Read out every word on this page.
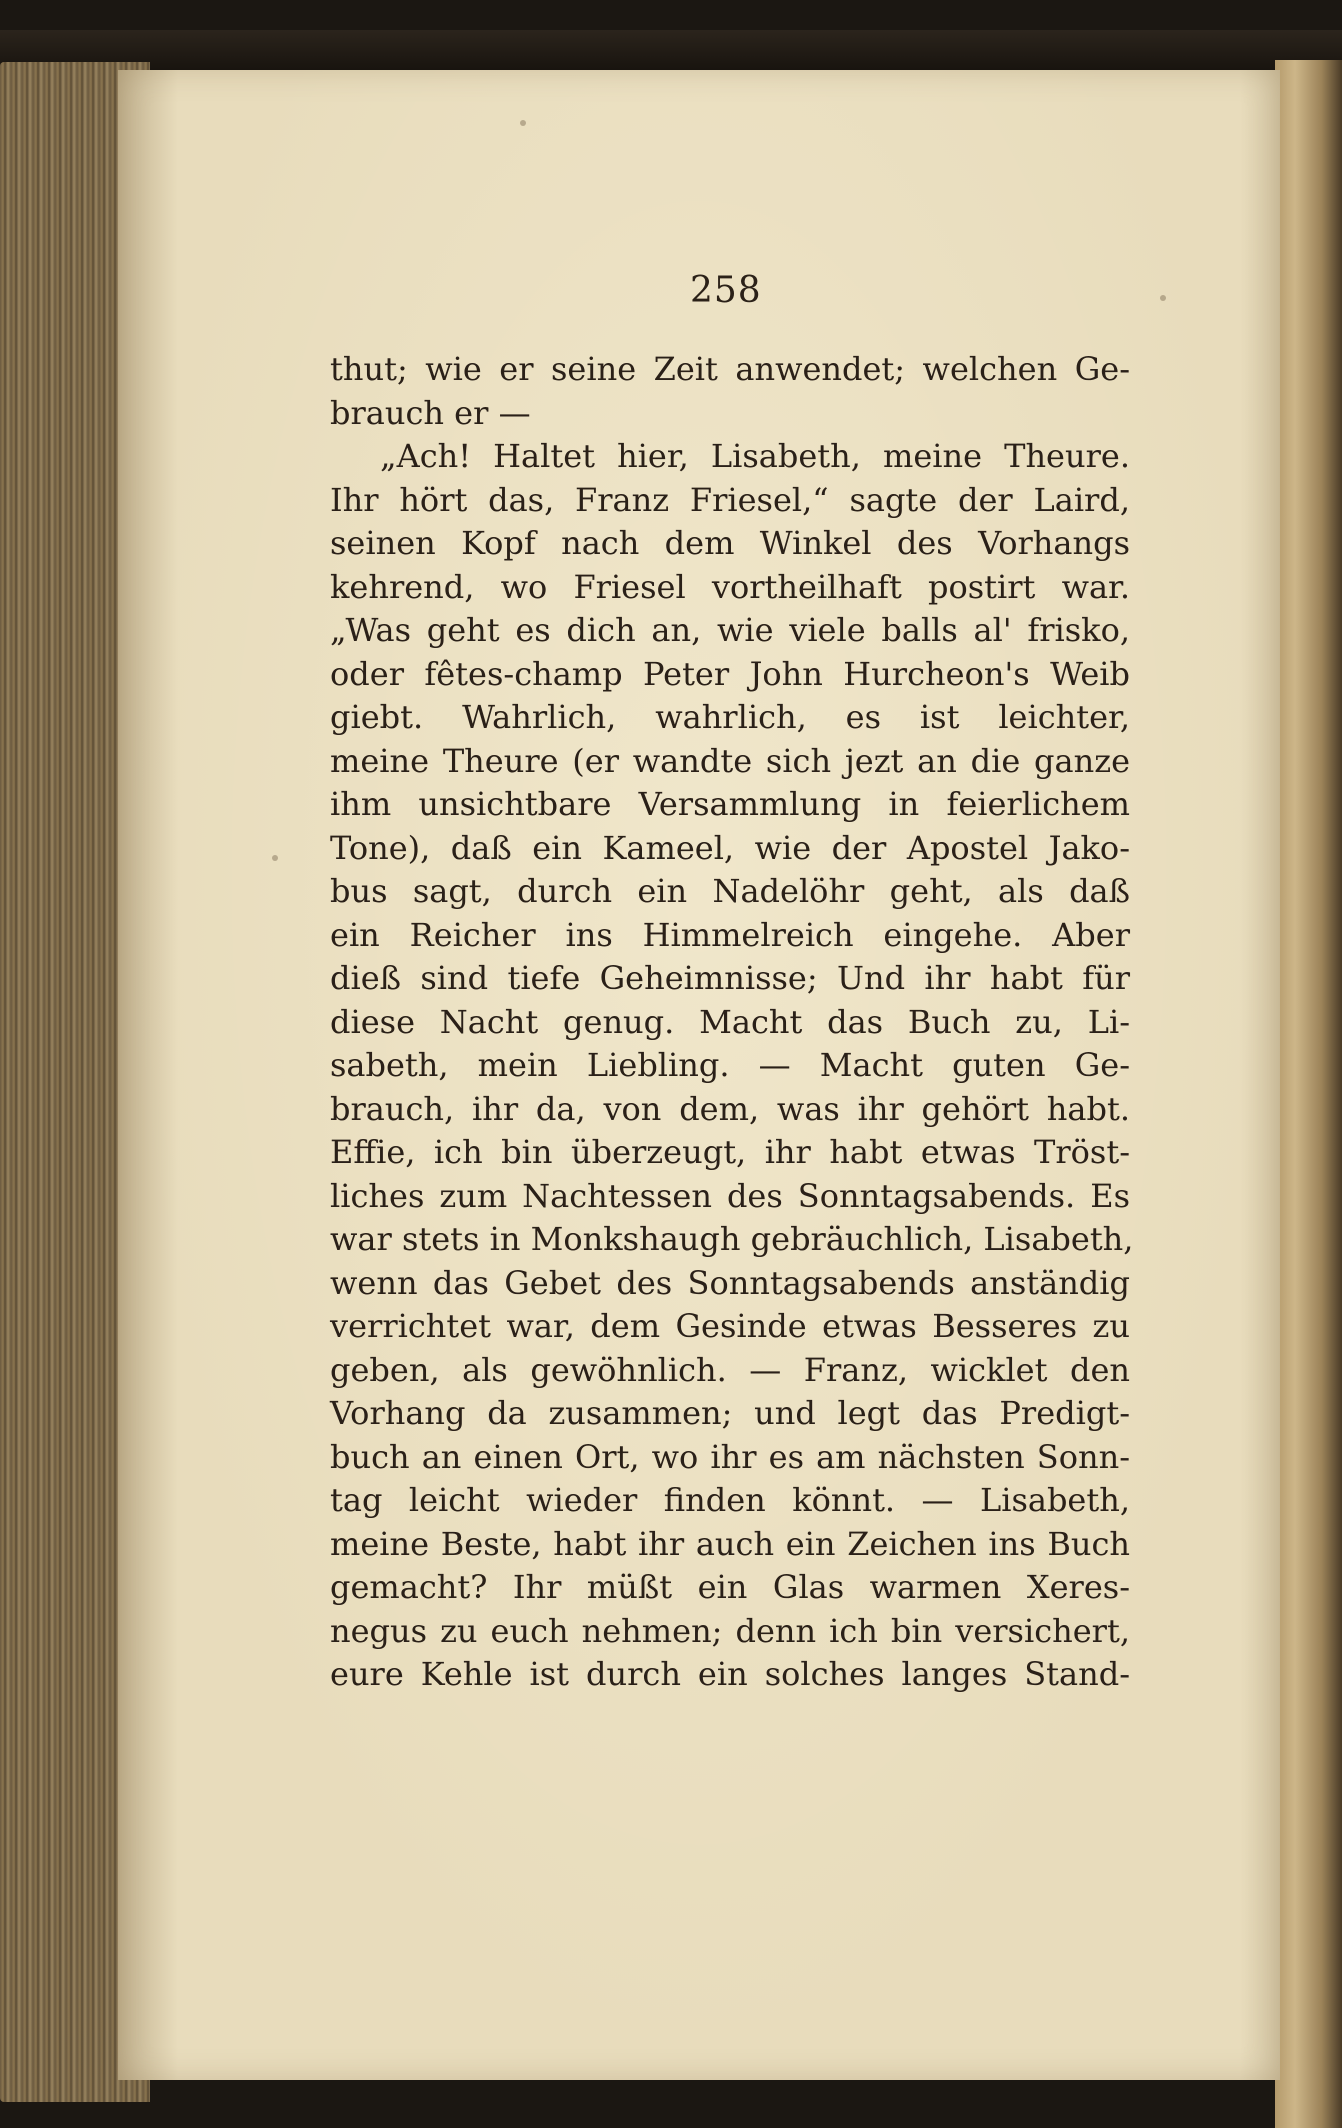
258
thut; wie er seine Zeit anwendet; welchen Ge-
brauch er —
„Ach! Haltet hier, Lisabeth, meine Theure.
Ihr hört das, Franz Friesel,“ sagte der Laird,
seinen Kopf nach dem Winkel des Vorhangs
kehrend, wo Friesel vortheilhaft postirt war.
„Was geht es dich an, wie viele balls al' frisko,
oder fêtes-champ Peter John Hurcheon's Weib
giebt. Wahrlich, wahrlich, es ist leichter,
meine Theure (er wandte sich jezt an die ganze
ihm unsichtbare Versammlung in feierlichem
Tone), daß ein Kameel, wie der Apostel Jako-
bus sagt, durch ein Nadelöhr geht, als daß
ein Reicher ins Himmelreich eingehe. Aber
dieß sind tiefe Geheimnisse; Und ihr habt für
diese Nacht genug. Macht das Buch zu, Li-
sabeth, mein Liebling. — Macht guten Ge-
brauch, ihr da, von dem, was ihr gehört habt.
Effie, ich bin überzeugt, ihr habt etwas Tröst-
liches zum Nachtessen des Sonntagsabends. Es
war stets in Monkshaugh gebräuchlich, Lisabeth,
wenn das Gebet des Sonntagsabends anständig
verrichtet war, dem Gesinde etwas Besseres zu
geben, als gewöhnlich. — Franz, wicklet den
Vorhang da zusammen; und legt das Predigt-
buch an einen Ort, wo ihr es am nächsten Sonn-
tag leicht wieder finden könnt. — Lisabeth,
meine Beste, habt ihr auch ein Zeichen ins Buch
gemacht? Ihr müßt ein Glas warmen Xeres-
negus zu euch nehmen; denn ich bin versichert,
eure Kehle ist durch ein solches langes Stand-
